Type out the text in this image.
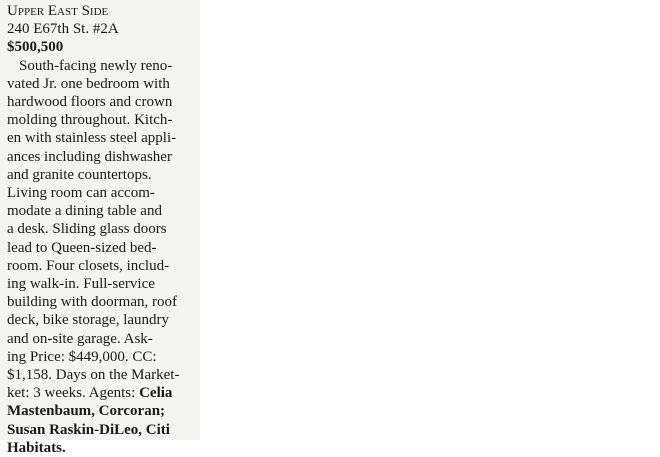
Upper East Side
240 E67th St. #2A
$500,500
South-facing newly reno-
vated Jr. one bedroom with
hardwood floors and crown
molding throughout. Kitch-
en with stainless steel appli-
ances including dishwasher
and granite countertops.
Living room can accom-
modate a dining table and
a desk. Sliding glass doors
lead to Queen-sized bed-
room. Four closets, includ-
ing walk-in. Full-service
building with doorman, roof
deck, bike storage, laundry
and on-site garage. Ask-
ing Price: $449,000. CC:
$1,158. Days on the Market-
ket: 3 weeks. Agents: Celia
Mastenbaum, Corcoran;
Susan Raskin-DiLeo, Citi
Habitats.
